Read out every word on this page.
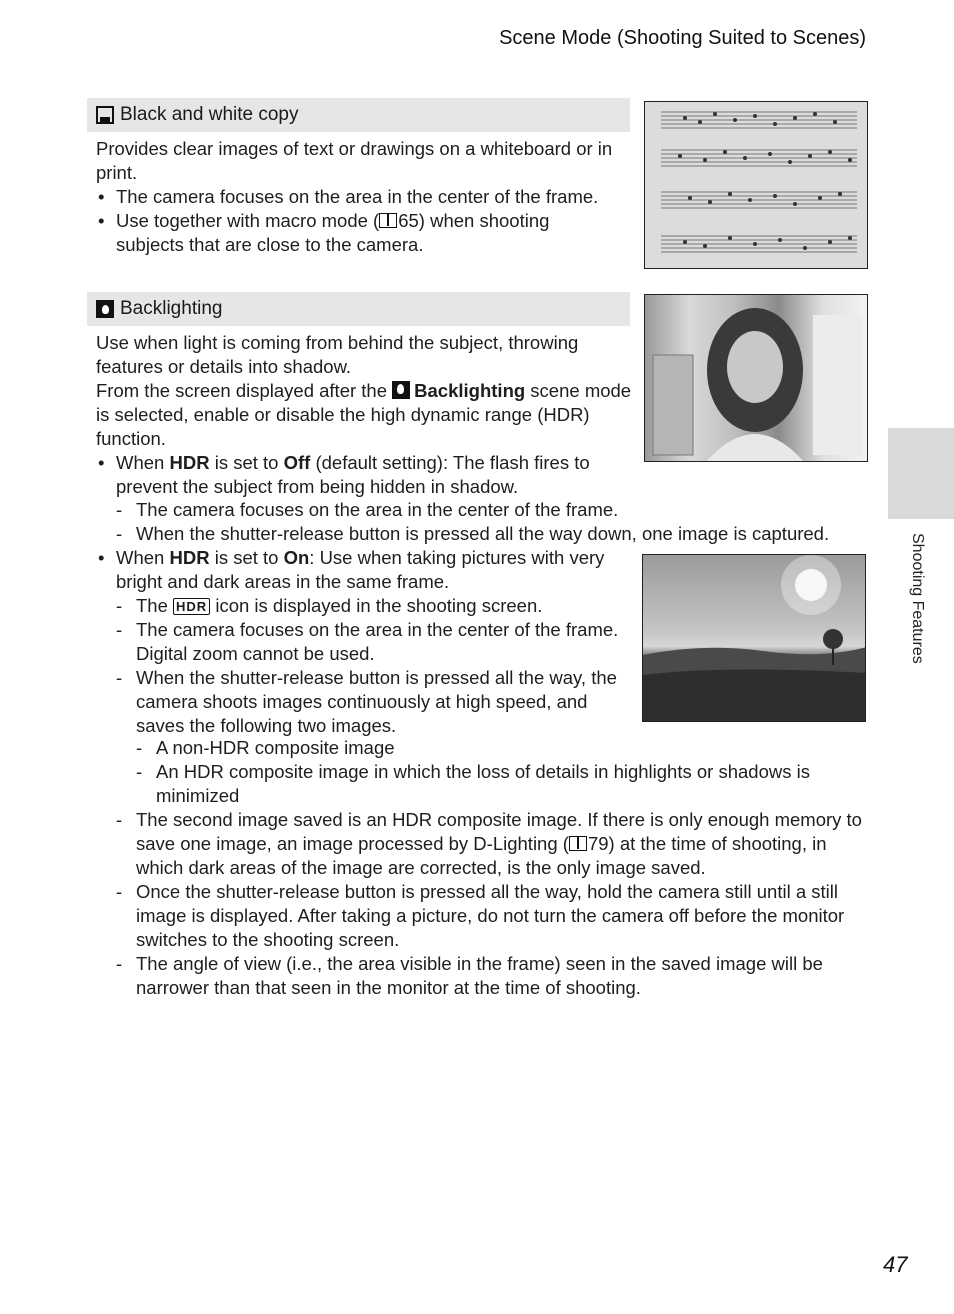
Scene Mode (Shooting Suited to Scenes)
Black and white copy

Provides clear images of text or drawings on a whiteboard or in print.

• The camera focuses on the area in the center of the frame.

• Use together with macro mode ( 65) when shooting subjects that are close to the camera.

Backlighting

Use when light is coming from behind the subject, throwing features or details into shadow.

From the screen displayed after the Backlighting scene mode is selected, enable or disable the high dynamic range (HDR) function.

• When HDR is set to Off (default setting): The flash fires to prevent the subject from being hidden in shadow.

- The camera focuses on the area in the center of the frame.

- When the shutter-release button is pressed all the way down, one image is captured.

• When HDR is set to On: Use when taking pictures with very bright and dark areas in the same frame.

- The HDR icon is displayed in the shooting screen.

- The camera focuses on the area in the center of the frame. Digital zoom cannot be used.

- When the shutter-release button is pressed all the way, the camera shoots images continuously at high speed, and saves the following two images.

- A non-HDR composite image

- An HDR composite image in which the loss of details in highlights or shadows is minimized

- The second image saved is an HDR composite image. If there is only enough memory to save one image, an image processed by D-Lighting ( 79) at the time of shooting, in which dark areas of the image are corrected, is the only image saved.

- Once the shutter-release button is pressed all the way, hold the camera still until a still image is displayed. After taking a picture, do not turn the camera off before the monitor switches to the shooting screen.

- The angle of view (i.e., the area visible in the frame) seen in the saved image will be narrower than that seen in the monitor at the time of shooting.

Shooting Features
47
